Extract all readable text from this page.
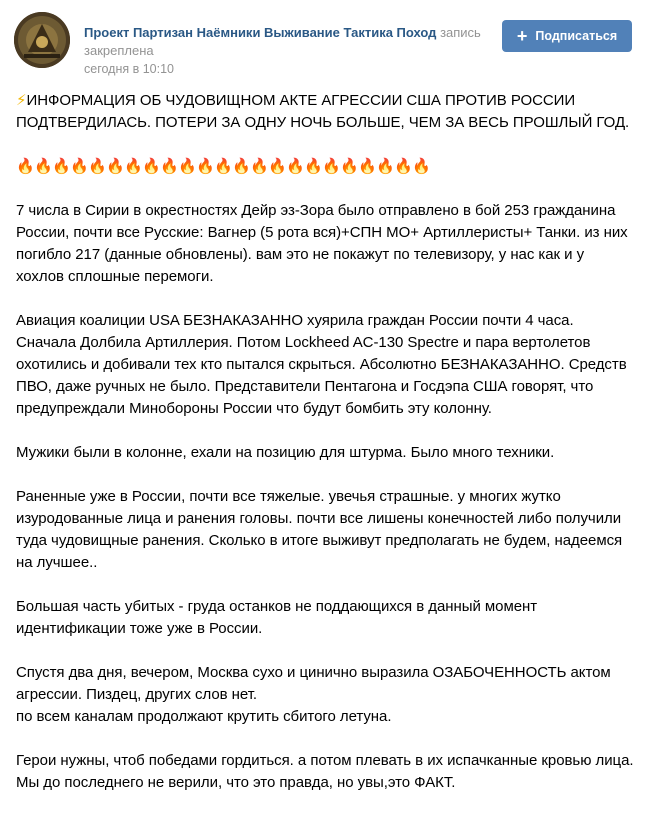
Проект Партизан Наёмники Выживание Тактика Поход запись закреплена
сегодня в 10:10
+ Подписаться

⚡ИНФОРМАЦИЯ ОБ ЧУДОВИЩНОМ АКТЕ АГРЕССИИ США ПРОТИВ РОССИИ
ПОДТВЕРДИЛАСЬ. ПОТЕРИ ЗА ОДНУ НОЧЬ БОЛЬШЕ, ЧЕМ ЗА ВЕСЬ ПРОШЛЫЙ ГОД.

🔥🔥🔥🔥🔥🔥🔥🔥🔥🔥🔥🔥🔥🔥🔥🔥🔥🔥🔥🔥🔥🔥🔥

7 числа в Сирии в окрестностях Дейр эз-Зора было отправлено в бой 253 гражданина России, почти все Русские: Вагнер (5 рота вся)+СПН МО+ Артиллеристы+ Танки. из них погибло 217 (данные обновлены). вам это не покажут по телевизору, у нас как и у хохлов сплошные перемоги.

Авиация коалиции USA БЕЗНАКАЗАННО хуярила граждан России почти 4 часа. Сначала Долбила Артиллерия. Потом Lockheed AC-130 Spectre и пара вертолетов охотились и добивали тех кто пытался скрыться. Абсолютно БЕЗНАКАЗАННО. Средств ПВО, даже ручных не было. Представители Пентагона и Госдэпа США говорят, что предупреждали Минобороны России что будут бомбить эту колонну.

Мужики были в колонне, ехали на позицию для штурма. Было много техники.

Раненные уже в России, почти все тяжелые. увечья страшные. у многих жутко изуродованные лица и ранения головы. почти все лишены конечностей либо получили туда чудовищные ранения. Сколько в итоге выживут предполагать не будем, надеемся на лучшее..

Большая часть убитых - груда останков не поддающихся в данный момент идентификации тоже уже в России.

Спустя два дня, вечером, Москва сухо и цинично выразила ОЗАБОЧЕННОСТЬ актом агрессии. Пиздец, других слов нет.
по всем каналам продолжают крутить сбитого летуна.

Герои нужны, чтоб победами гордиться. а потом плевать в их испачканные кровью лица. Мы до последнего не верили, что это правда, но увы,это ФАКТ.
